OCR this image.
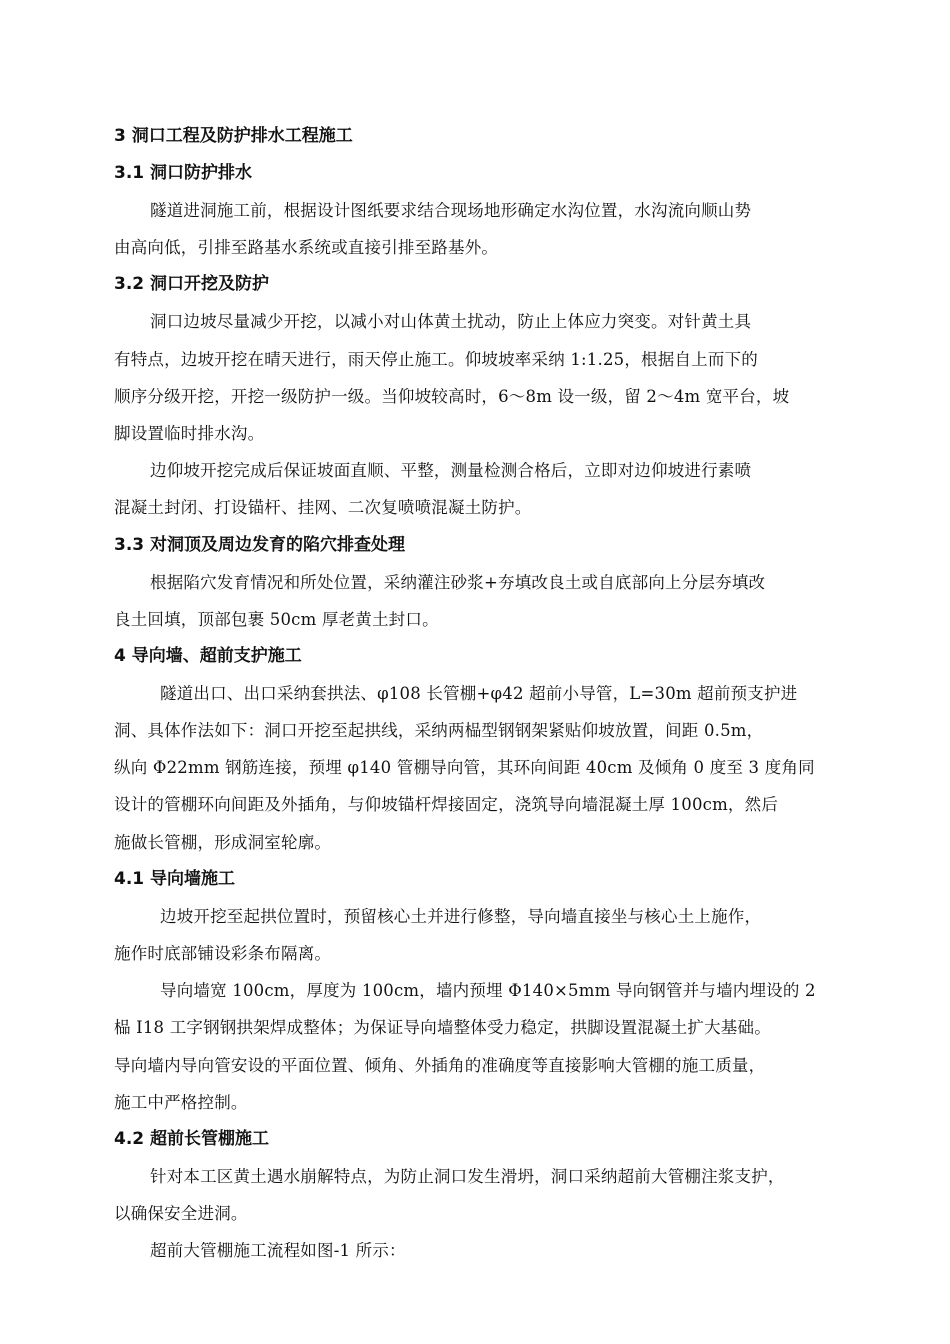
3 洞口工程及防护排水工程施工
3.1 洞口防护排水
隧道进洞施工前，根据设计图纸要求结合现场地形确定水沟位置，水沟流向顺山势
由高向低，引排至路基水系统或直接引排至路基外。
3.2 洞口开挖及防护
洞口边坡尽量减少开挖，以减小对山体黄土扰动，防止上体应力突变。对针黄土具
有特点，边坡开挖在晴天进行，雨天停止施工。仰坡坡率采纳 1:1.25，根据自上而下的
顺序分级开挖，开挖一级防护一级。当仰坡较高时，6～8m 设一级，留 2～4m 宽平台，坡
脚设置临时排水沟。
边仰坡开挖完成后保证坡面直顺、平整，测量检测合格后，立即对边仰坡进行素喷
混凝土封闭、打设锚杆、挂网、二次复喷喷混凝土防护。
3.3 对洞顶及周边发育的陷穴排查处理
根据陷穴发育情况和所处位置，采纳灌注砂浆+夯填改良土或自底部向上分层夯填改
良土回填，顶部包裹 50cm 厚老黄土封口。
4 导向墙、超前支护施工
隧道出口、出口采纳套拱法、φ108 长管棚+φ42 超前小导管，L=30m 超前预支护进
洞、具体作法如下：洞口开挖至起拱线，采纳两榀型钢钢架紧贴仰坡放置，间距 0.5m，
纵向 Φ22mm 钢筋连接，预埋 φ140 管棚导向管，其环向间距 40cm 及倾角 0 度至 3 度角同
设计的管棚环向间距及外插角，与仰坡锚杆焊接固定，浇筑导向墙混凝土厚 100cm，然后
施做长管棚，形成洞室轮廓。
4.1 导向墙施工
边坡开挖至起拱位置时，预留核心土并进行修整，导向墙直接坐与核心土上施作，
施作时底部铺设彩条布隔离。
导向墙宽 100cm，厚度为 100cm，墙内预埋 Φ140×5mm 导向钢管并与墙内埋设的 2
榀 I18 工字钢钢拱架焊成整体；为保证导向墙整体受力稳定，拱脚设置混凝土扩大基础。
导向墙内导向管安设的平面位置、倾角、外插角的准确度等直接影响大管棚的施工质量，
施工中严格控制。
4.2 超前长管棚施工
针对本工区黄土遇水崩解特点，为防止洞口发生滑坍，洞口采纳超前大管棚注浆支护，
以确保安全进洞。
超前大管棚施工流程如图-1 所示：
